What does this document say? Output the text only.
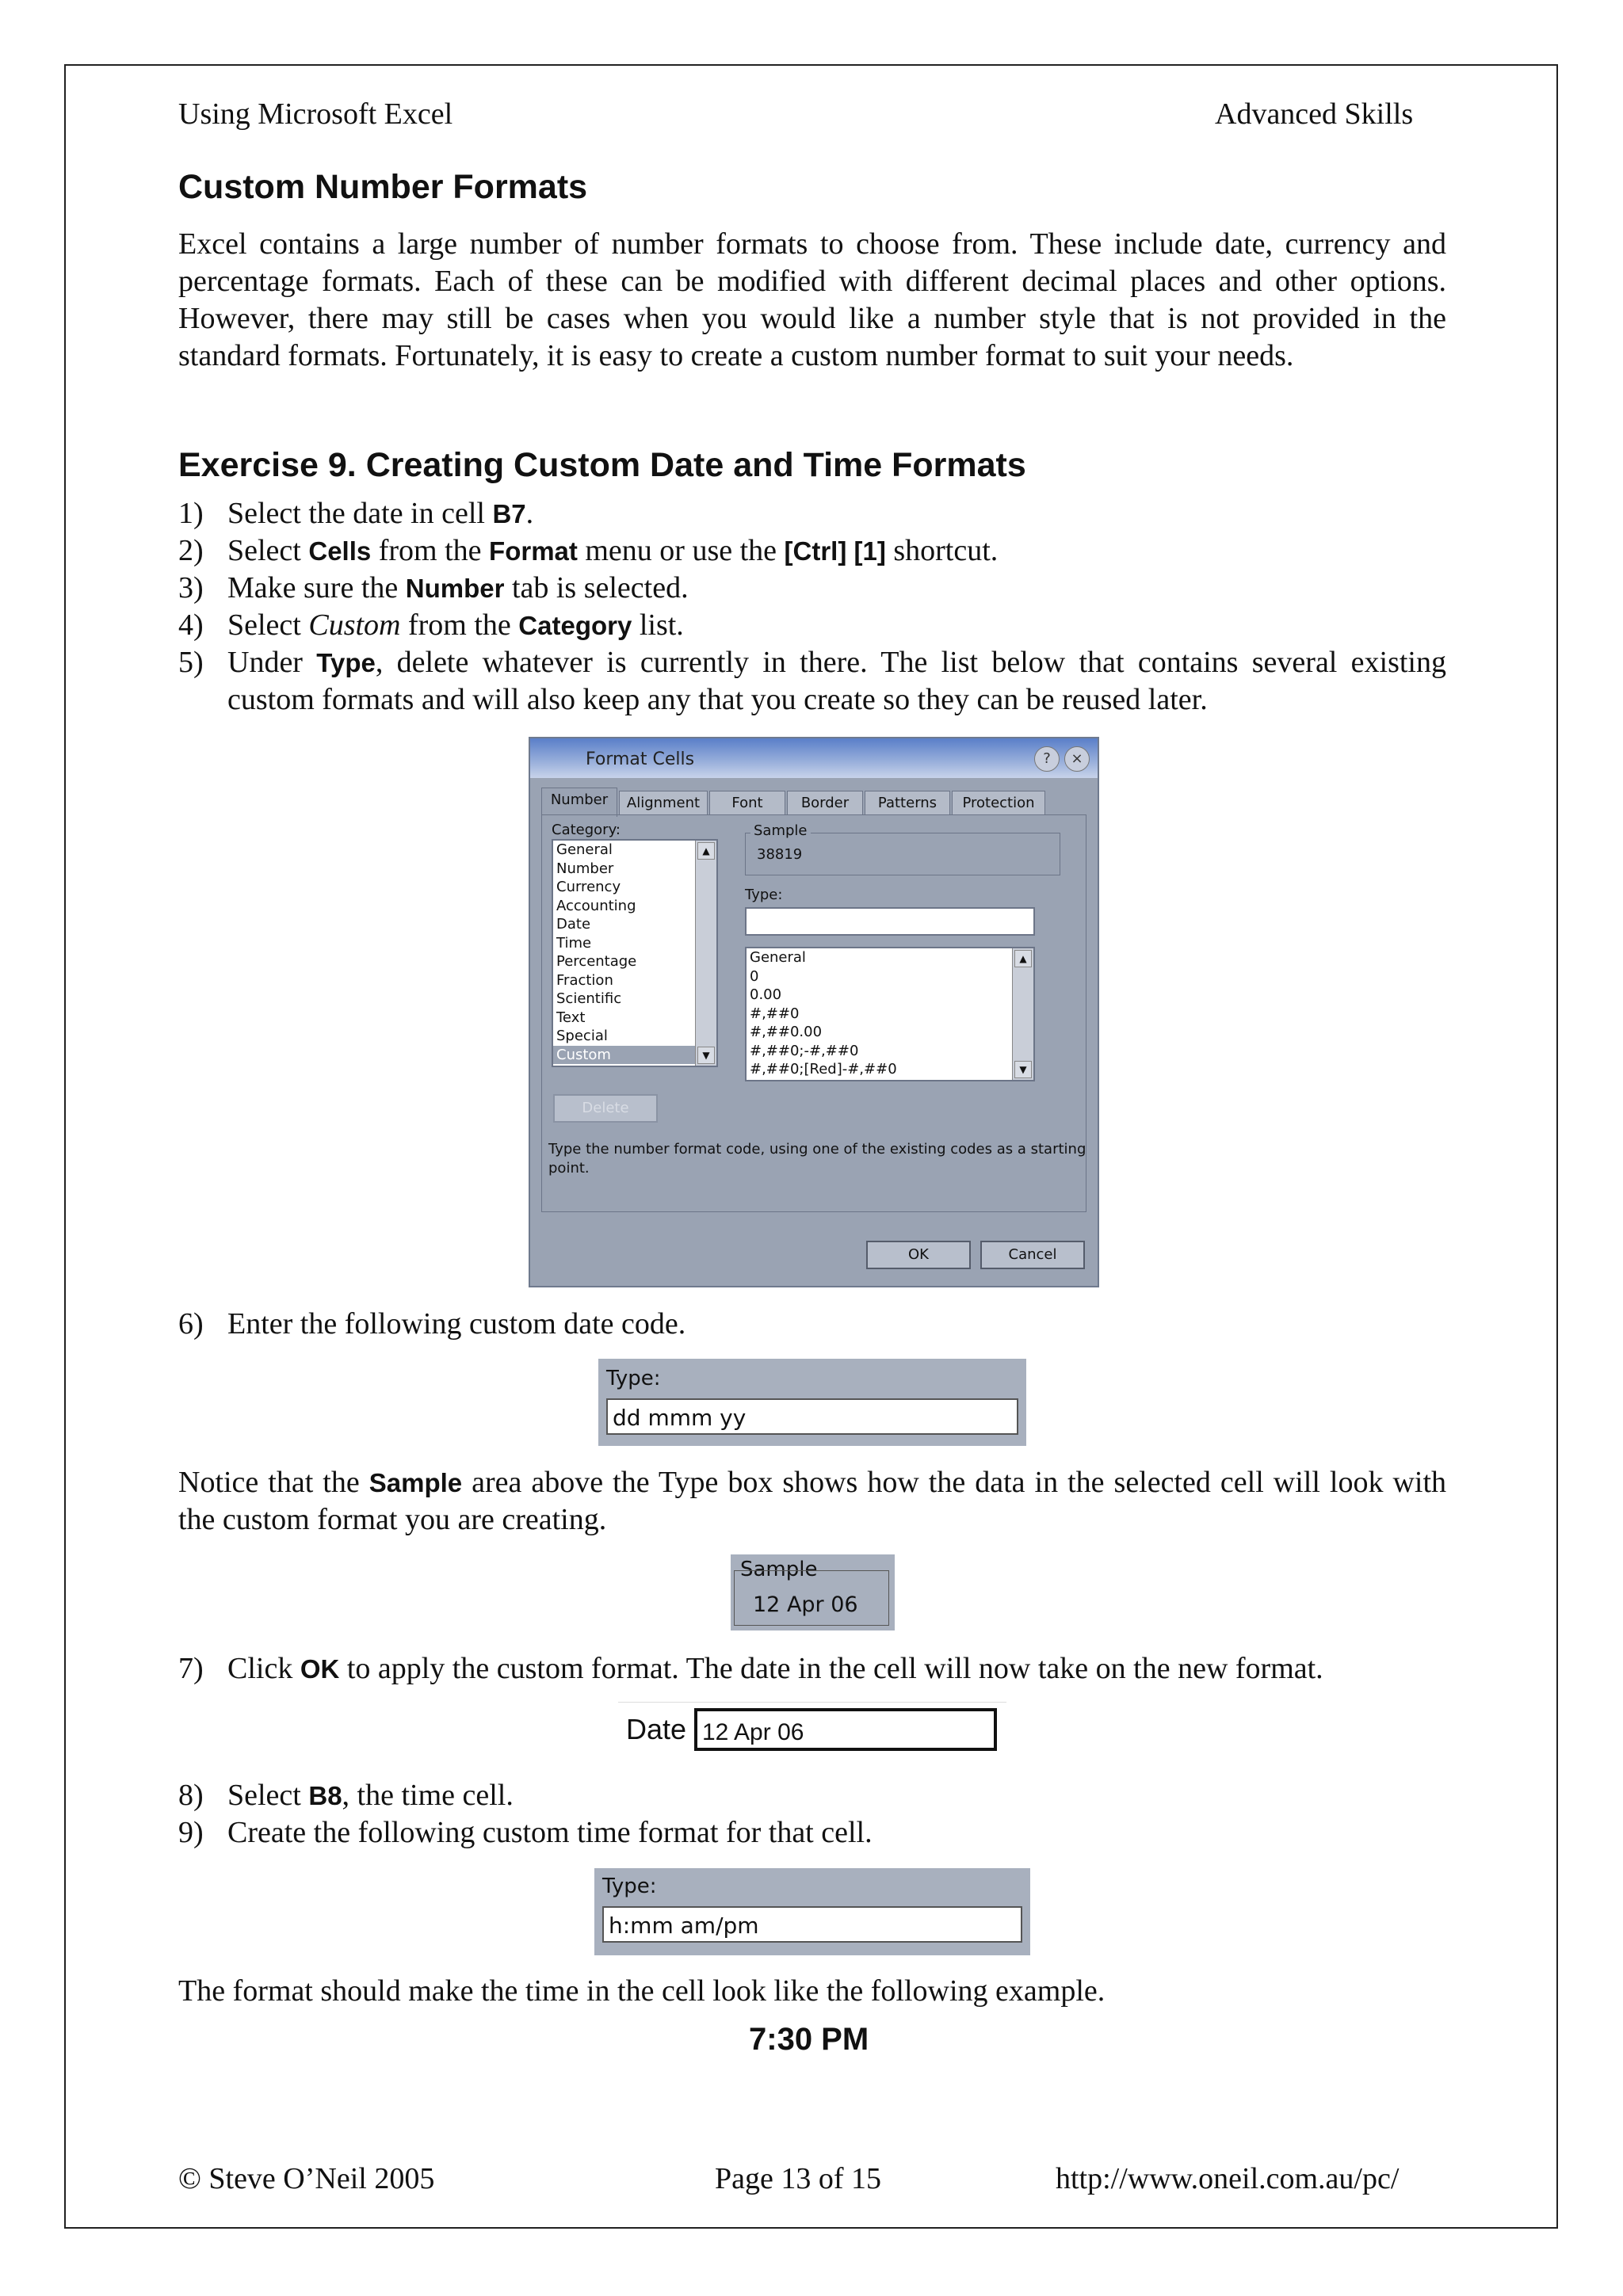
Using Microsoft Excel	Advanced Skills
Custom Number Formats
Excel contains a large number of number formats to choose from. These include date, currency and percentage formats. Each of these can be modified with different decimal places and other options. However, there may still be cases when you would like a number style that is not provided in the standard formats. Fortunately, it is easy to create a custom number format to suit your needs.
Exercise 9. Creating Custom Date and Time Formats
1) Select the date in cell B7.
2) Select Cells from the Format menu or use the [Ctrl] [1] shortcut.
3) Make sure the Number tab is selected.
4) Select Custom from the Category list.
5) Under Type, delete whatever is currently in there. The list below that contains several existing custom formats and will also keep any that you create so they can be reused later.
Format Cells	? ×
Number	Alignment	Font	Border	Patterns	Protection
Category:
General
Number
Currency
Accounting
Date
Time
Percentage
Fraction
Scientific
Text
Special
Custom
▲
▼
Sample
38819
Type:
General
0
0.00
#,##0
#,##0.00
#,##0;-#,##0
#,##0;[Red]-#,##0
▲
▼
Delete
Type the number format code, using one of the existing codes as a starting point.
OK	Cancel
6) Enter the following custom date code.
Type:
dd mmm yy
Notice that the Sample area above the Type box shows how the data in the selected cell will look with the custom format you are creating.
Sample
12 Apr 06
7) Click OK to apply the custom format. The date in the cell will now take on the new format.
Date 12 Apr 06
8) Select B8, the time cell.
9) Create the following custom time format for that cell.
Type:
h:mm am/pm
The format should make the time in the cell look like the following example.
7:30 PM
© Steve O’Neil 2005	Page 13 of 15	http://www.oneil.com.au/pc/
